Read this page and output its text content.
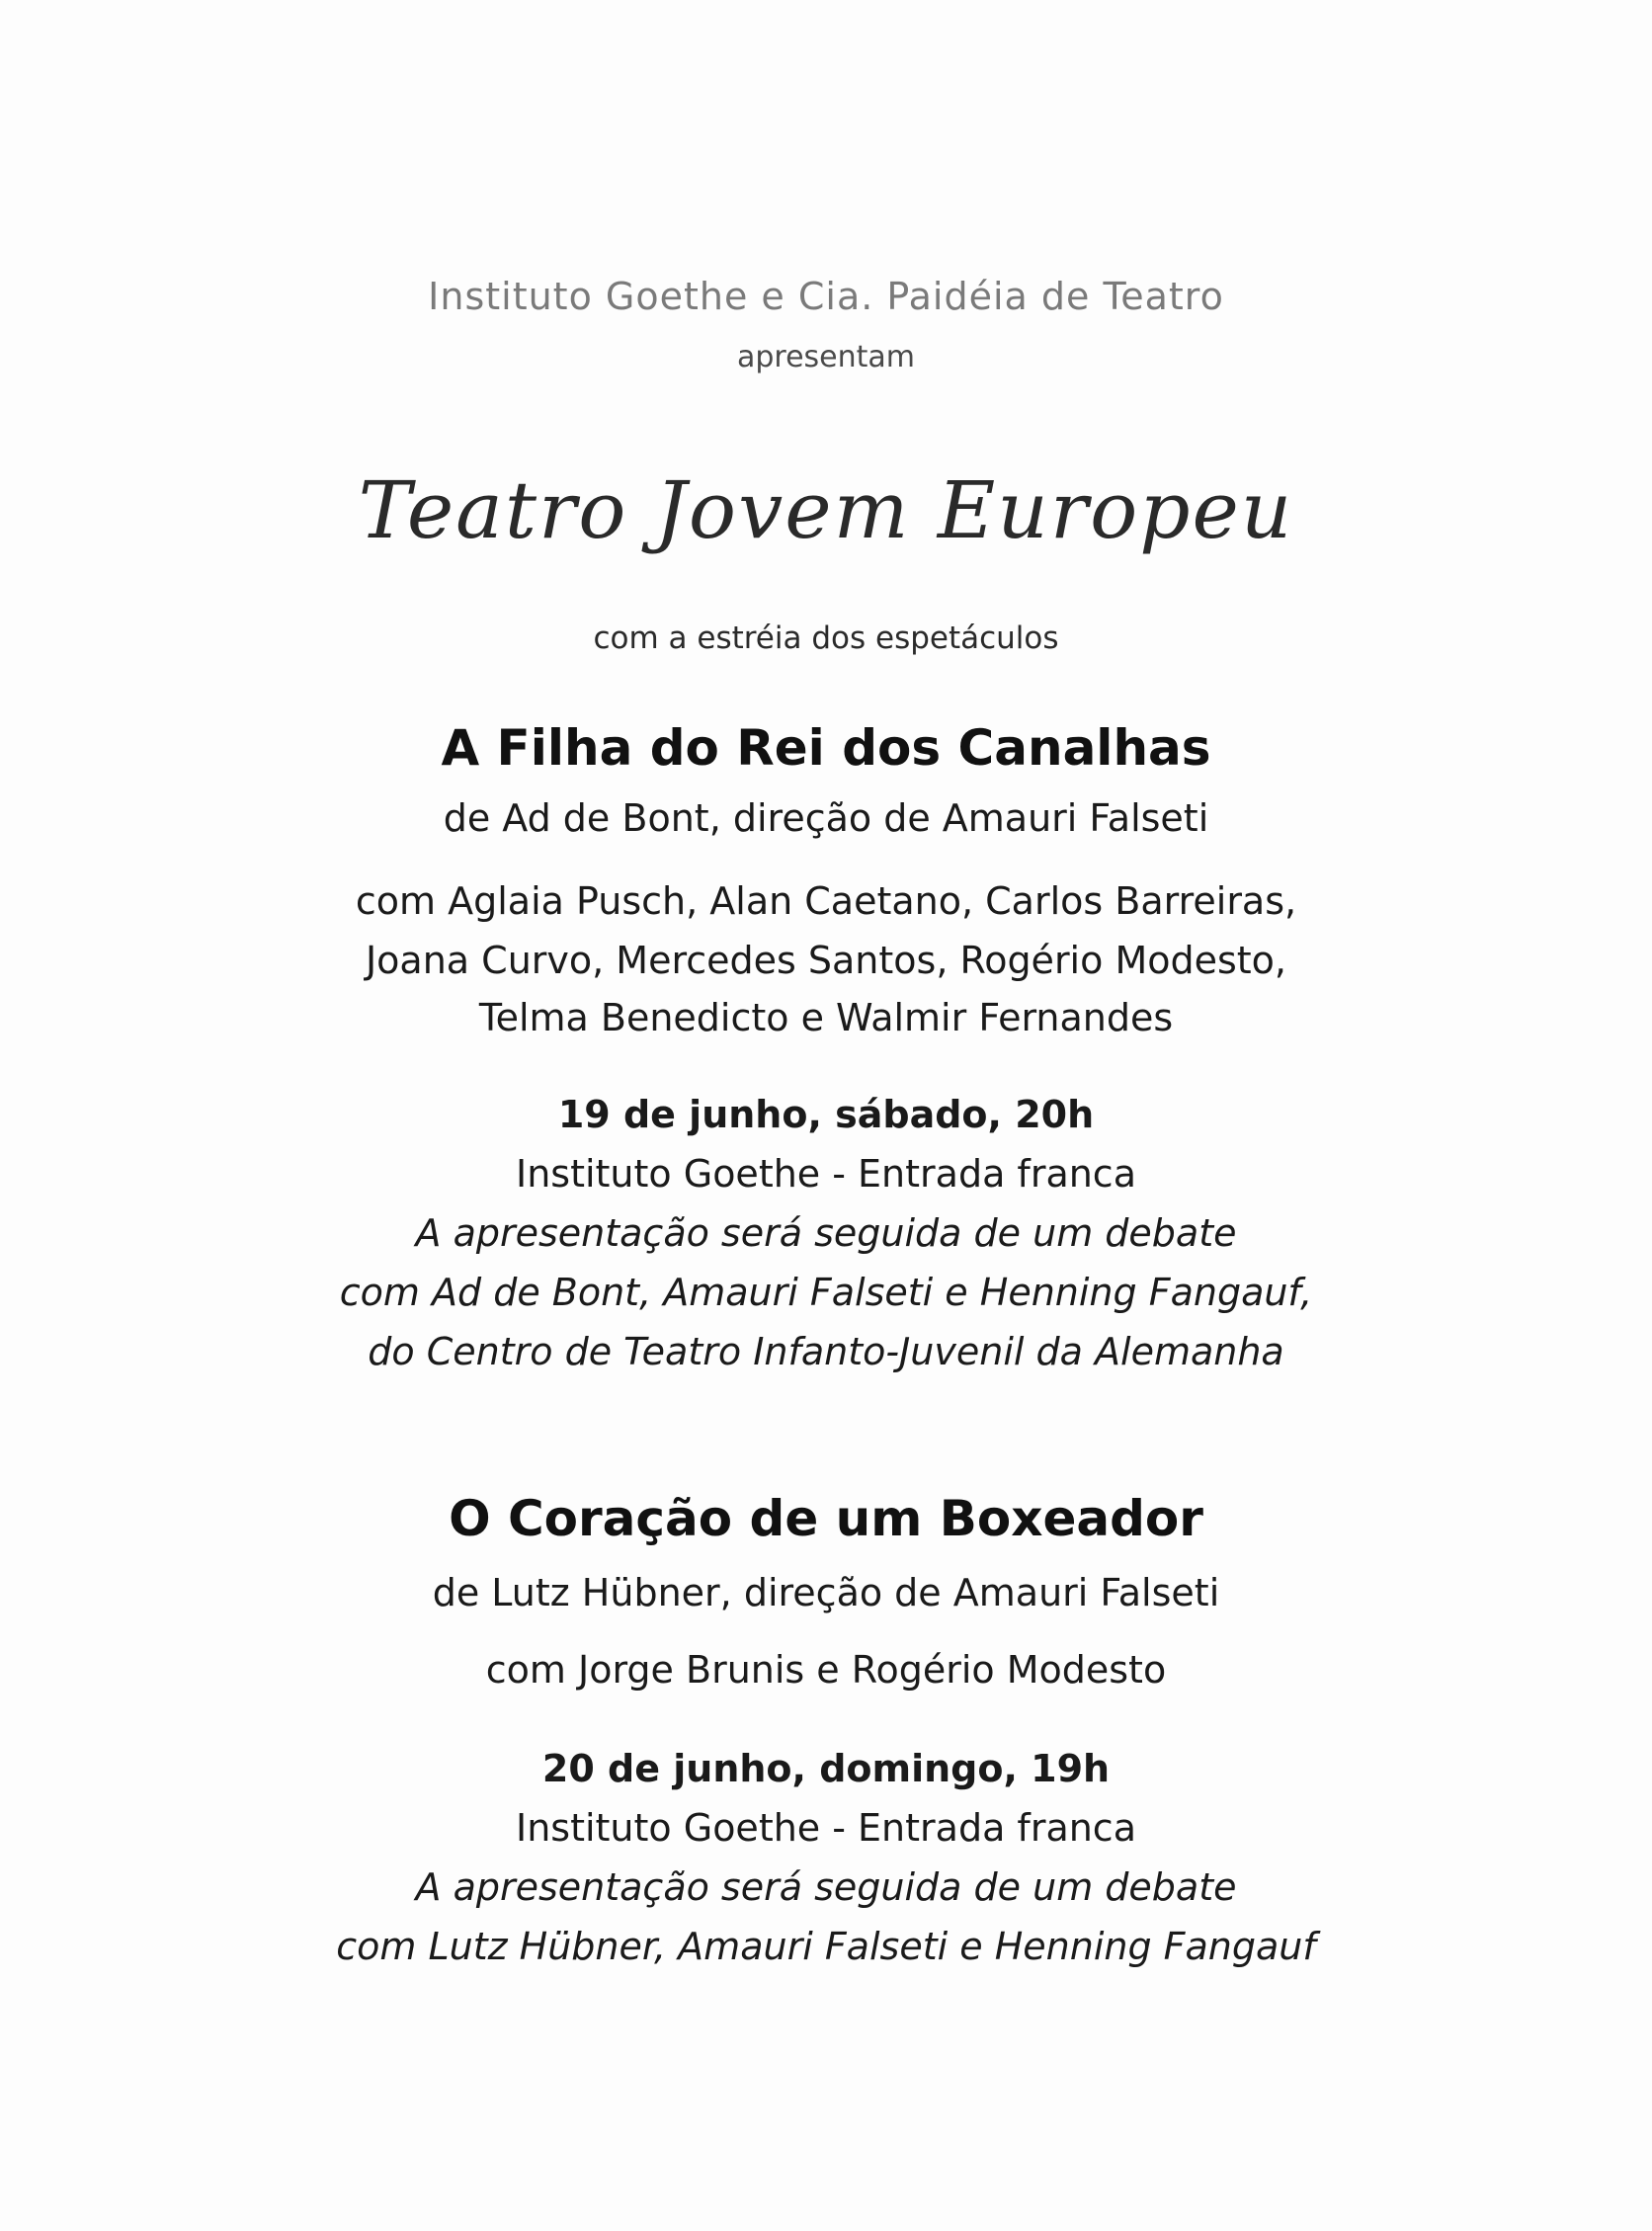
Instituto Goethe e Cia. Paidéia de Teatro
apresentam
Teatro Jovem Europeu
com a estréia dos espetáculos
A Filha do Rei dos Canalhas
de Ad de Bont, direção de Amauri Falseti
com Aglaia Pusch, Alan Caetano, Carlos Barreiras,
Joana Curvo, Mercedes Santos, Rogério Modesto,
Telma Benedicto e Walmir Fernandes
19 de junho, sábado, 20h
Instituto Goethe - Entrada franca
A apresentação será seguida de um debate
com Ad de Bont, Amauri Falseti e Henning Fangauf,
do Centro de Teatro Infanto-Juvenil da Alemanha
O Coração de um Boxeador
de Lutz Hübner, direção de Amauri Falseti
com Jorge Brunis e Rogério Modesto
20 de junho, domingo, 19h
Instituto Goethe - Entrada franca
A apresentação será seguida de um debate
com Lutz Hübner, Amauri Falseti e Henning Fangauf
